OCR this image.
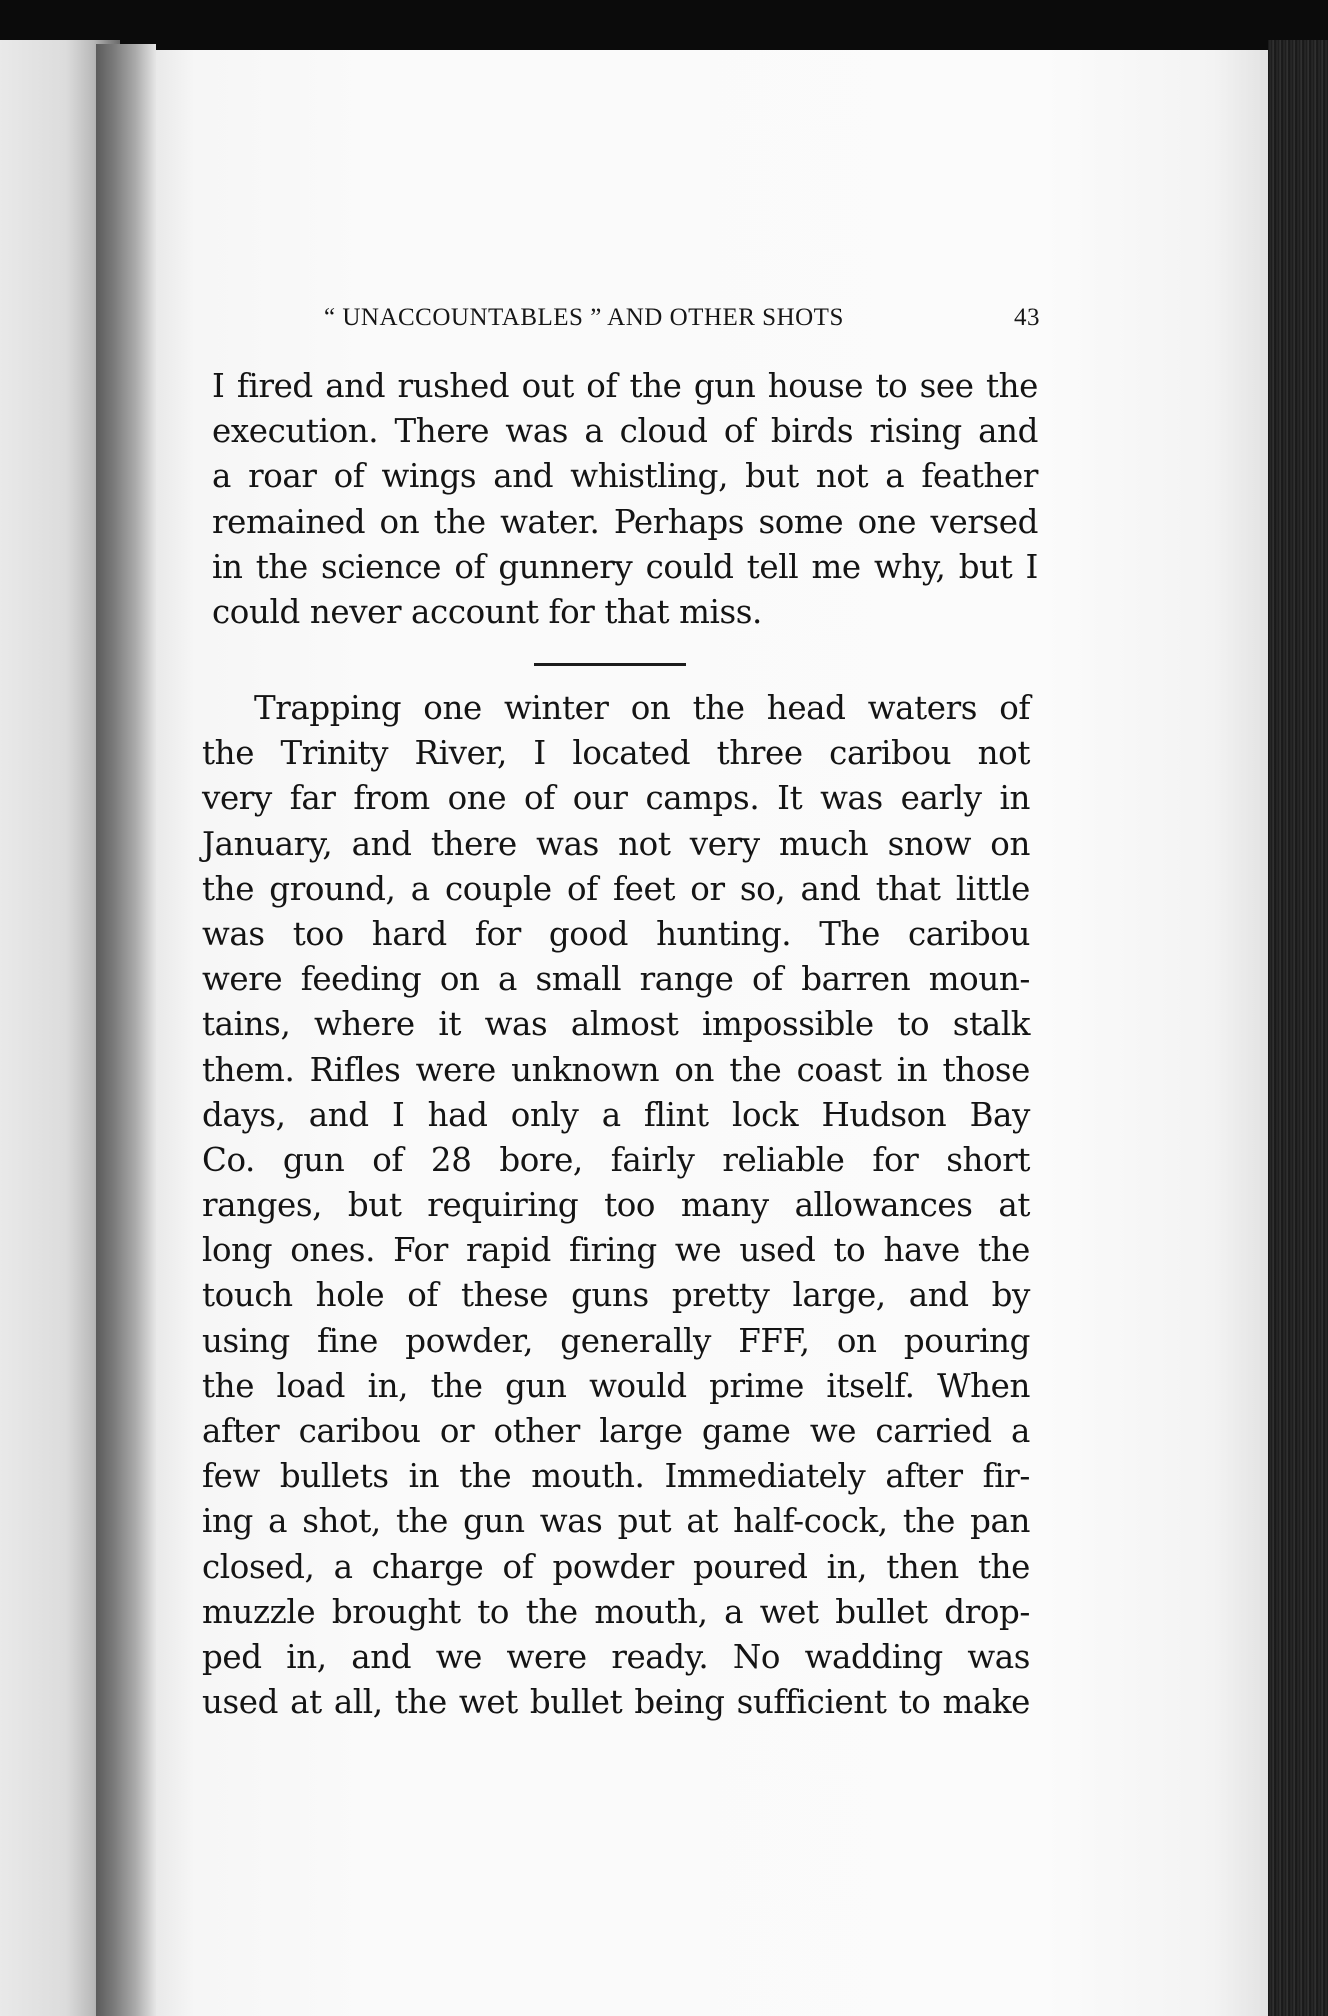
“ UNACCOUNTABLES ” AND OTHER SHOTS	43
I fired and rushed out of the gun house to see the
execution. There was a cloud of birds rising and
a roar of wings and whistling, but not a feather
remained on the water. Perhaps some one versed
in the science of gunnery could tell me why, but I
could never account for that miss.
Trapping one winter on the head waters of
the Trinity River, I located three caribou not
very far from one of our camps. It was early in
January, and there was not very much snow on
the ground, a couple of feet or so, and that little
was too hard for good hunting. The caribou
were feeding on a small range of barren moun-
tains, where it was almost impossible to stalk
them. Rifles were unknown on the coast in those
days, and I had only a flint lock Hudson Bay
Co. gun of 28 bore, fairly reliable for short
ranges, but requiring too many allowances at
long ones. For rapid firing we used to have the
touch hole of these guns pretty large, and by
using fine powder, generally FFF, on pouring
the load in, the gun would prime itself. When
after caribou or other large game we carried a
few bullets in the mouth. Immediately after fir-
ing a shot, the gun was put at half-cock, the pan
closed, a charge of powder poured in, then the
muzzle brought to the mouth, a wet bullet drop-
ped in, and we were ready. No wadding was
used at all, the wet bullet being sufficient to make
